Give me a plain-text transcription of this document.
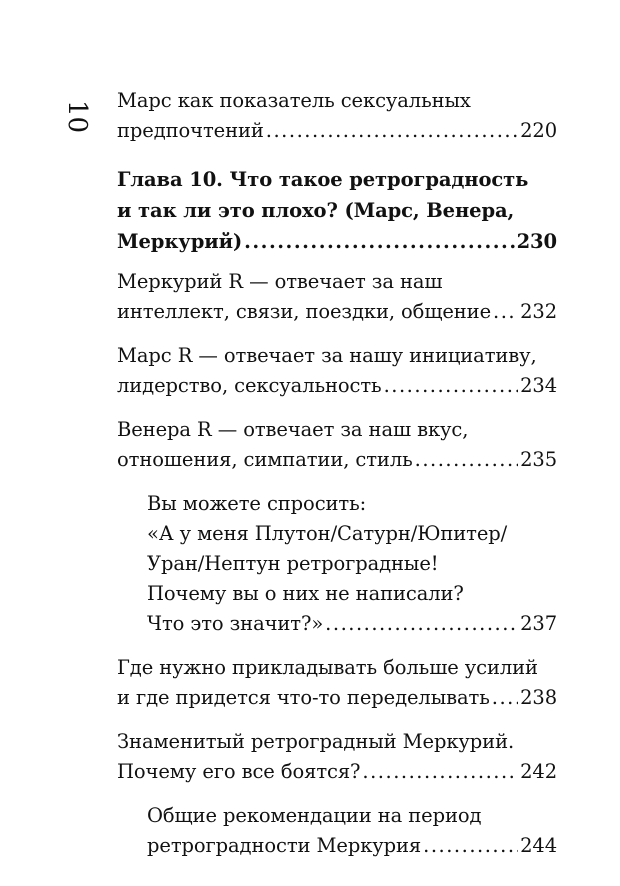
10 Марс как показатель сексуальных
предпочтений .....	220
Глава 10. Что такое ретроградность
и так ли это плохо? (Марс, Венера,
Меркурий) .....	230
Меркурий R — отвечает за наш
интеллект, связи, поездки, общение ..... 232
Марс R — отвечает за нашу инициативу,
лидерство, сексуальность .....	234
Венера R — отвечает за наш вкус,
отношения, симпатии, стиль .....	235
Вы можете спросить:
«А у меня Плутон/Сатурн/Юпитер/
Уран/Нептун ретроградные!
Почему вы о них не написали?
Что это значит?» .....	237
Где нужно прикладывать больше усилий
и где придется что-то переделывать ..... 238
Знаменитый ретроградный Меркурий.
Почему его все боятся? .....	242
Общие рекомендации на период
ретроградности Меркурия .....	244
